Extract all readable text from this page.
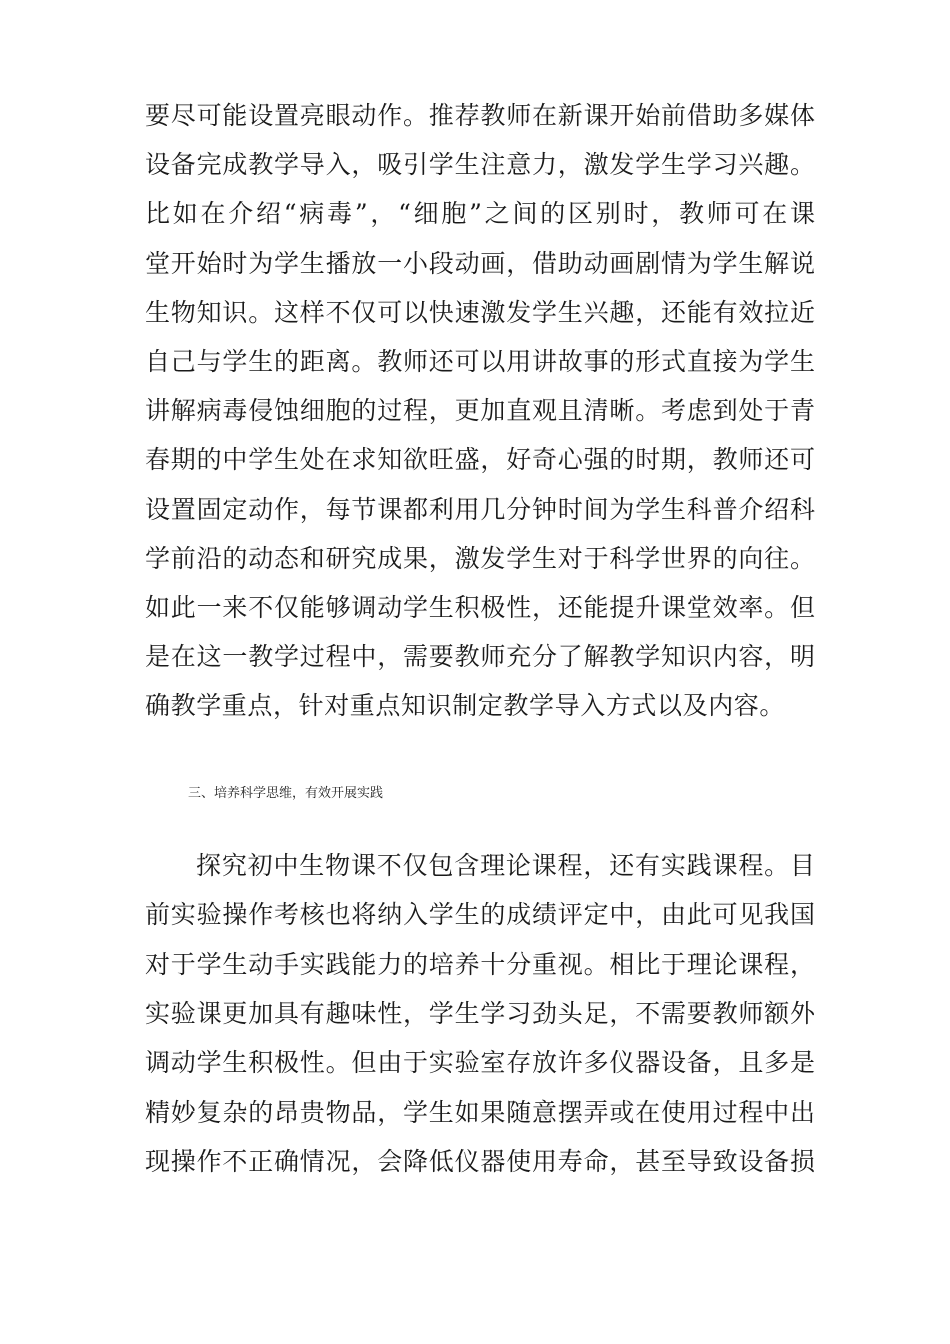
要尽可能设置亮眼动作。推荐教师在新课开始前借助多媒体
设备完成教学导入，吸引学生注意力，激发学生学习兴趣。
比如在介绍“病毒”，“细胞”之间的区别时，教师可在课
堂开始时为学生播放一小段动画，借助动画剧情为学生解说
生物知识。这样不仅可以快速激发学生兴趣，还能有效拉近
自己与学生的距离。教师还可以用讲故事的形式直接为学生
讲解病毒侵蚀细胞的过程，更加直观且清晰。考虑到处于青
春期的中学生处在求知欲旺盛，好奇心强的时期，教师还可
设置固定动作，每节课都利用几分钟时间为学生科普介绍科
学前沿的动态和研究成果，激发学生对于科学世界的向往。
如此一来不仅能够调动学生积极性，还能提升课堂效率。但
是在这一教学过程中，需要教师充分了解教学知识内容，明
确教学重点，针对重点知识制定教学导入方式以及内容。
三、培养科学思维，有效开展实践
探究初中生物课不仅包含理论课程，还有实践课程。目
前实验操作考核也将纳入学生的成绩评定中，由此可见我国
对于学生动手实践能力的培养十分重视。相比于理论课程，
实验课更加具有趣味性，学生学习劲头足，不需要教师额外
调动学生积极性。但由于实验室存放许多仪器设备，且多是
精妙复杂的昂贵物品，学生如果随意摆弄或在使用过程中出
现操作不正确情况，会降低仪器使用寿命，甚至导致设备损
